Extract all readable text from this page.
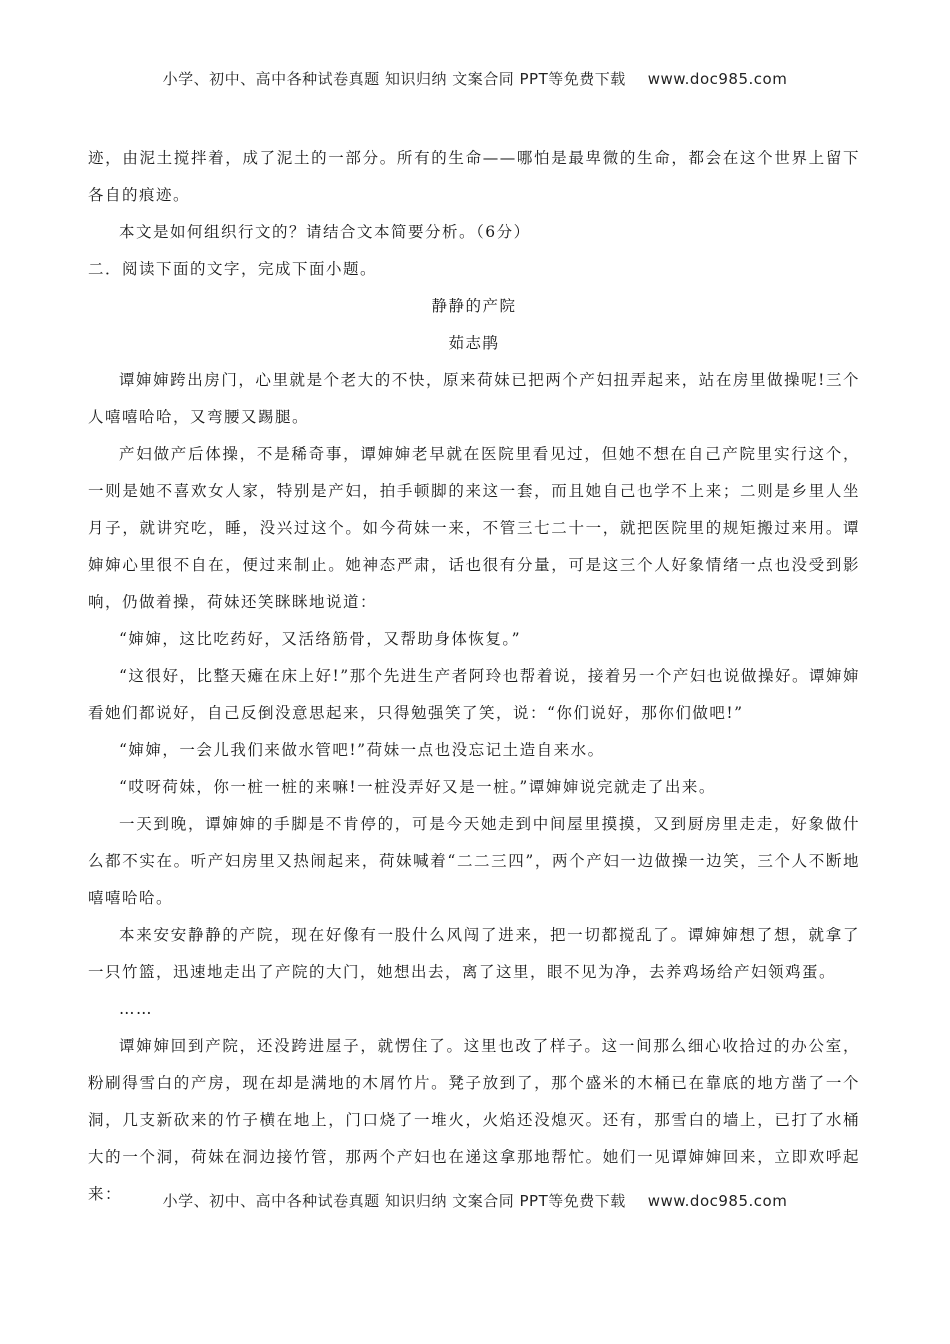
小学、初中、高中各种试卷真题 知识归纳 文案合同 PPT等免费下载 www.doc985.com

迹，由泥土搅拌着，成了泥土的一部分。所有的生命——哪怕是最卑微的生命，都会在这个世界上留下各自的痕迹。

本文是如何组织行文的？请结合文本简要分析。（6分）

二．阅读下面的文字，完成下面小题。

静静的产院

茹志鹃

谭婶婶跨出房门，心里就是个老大的不快，原来荷妹已把两个产妇扭弄起来，站在房里做操呢!三个人嘻嘻哈哈，又弯腰又踢腿。

产妇做产后体操，不是稀奇事，谭婶婶老早就在医院里看见过，但她不想在自己产院里实行这个，一则是她不喜欢女人家，特别是产妇，拍手顿脚的来这一套，而且她自己也学不上来；二则是乡里人坐月子，就讲究吃，睡，没兴过这个。如今荷妹一来，不管三七二十一，就把医院里的规矩搬过来用。谭婶婶心里很不自在，便过来制止。她神态严肃，话也很有分量，可是这三个人好象情绪一点也没受到影响，仍做着操，荷妹还笑眯眯地说道：

“婶婶，这比吃药好，又活络筋骨，又帮助身体恢复。”

“这很好，比整天瘫在床上好!”那个先进生产者阿玲也帮着说，接着另一个产妇也说做操好。谭婶婶看她们都说好，自己反倒没意思起来，只得勉强笑了笑，说：“你们说好，那你们做吧!”

“婶婶，一会儿我们来做水管吧!”荷妹一点也没忘记土造自来水。

“哎呀荷妹，你一桩一桩的来嘛!一桩没弄好又是一桩。”谭婶婶说完就走了出来。

一天到晚，谭婶婶的手脚是不肯停的，可是今天她走到中间屋里摸摸，又到厨房里走走，好象做什么都不实在。听产妇房里又热闹起来，荷妹喊着“二二三四”，两个产妇一边做操一边笑，三个人不断地嘻嘻哈哈。

本来安安静静的产院，现在好像有一股什么风闯了进来，把一切都搅乱了。谭婶婶想了想，就拿了一只竹篮，迅速地走出了产院的大门，她想出去，离了这里，眼不见为净，去养鸡场给产妇领鸡蛋。

……

谭婶婶回到产院，还没跨进屋子，就愣住了。这里也改了样子。这一间那么细心收拾过的办公室，粉刷得雪白的产房，现在却是满地的木屑竹片。凳子放到了，那个盛米的木桶已在靠底的地方凿了一个洞，几支新砍来的竹子横在地上，门口烧了一堆火，火焰还没熄灭。还有，那雪白的墙上，已打了水桶大的一个洞，荷妹在洞边接竹管，那两个产妇也在递这拿那地帮忙。她们一见谭婶婶回来，立即欢呼起来：	小学、初中、高中各种试卷真题 知识归纳 文案合同 PPT等免费下载 www.doc985.com
